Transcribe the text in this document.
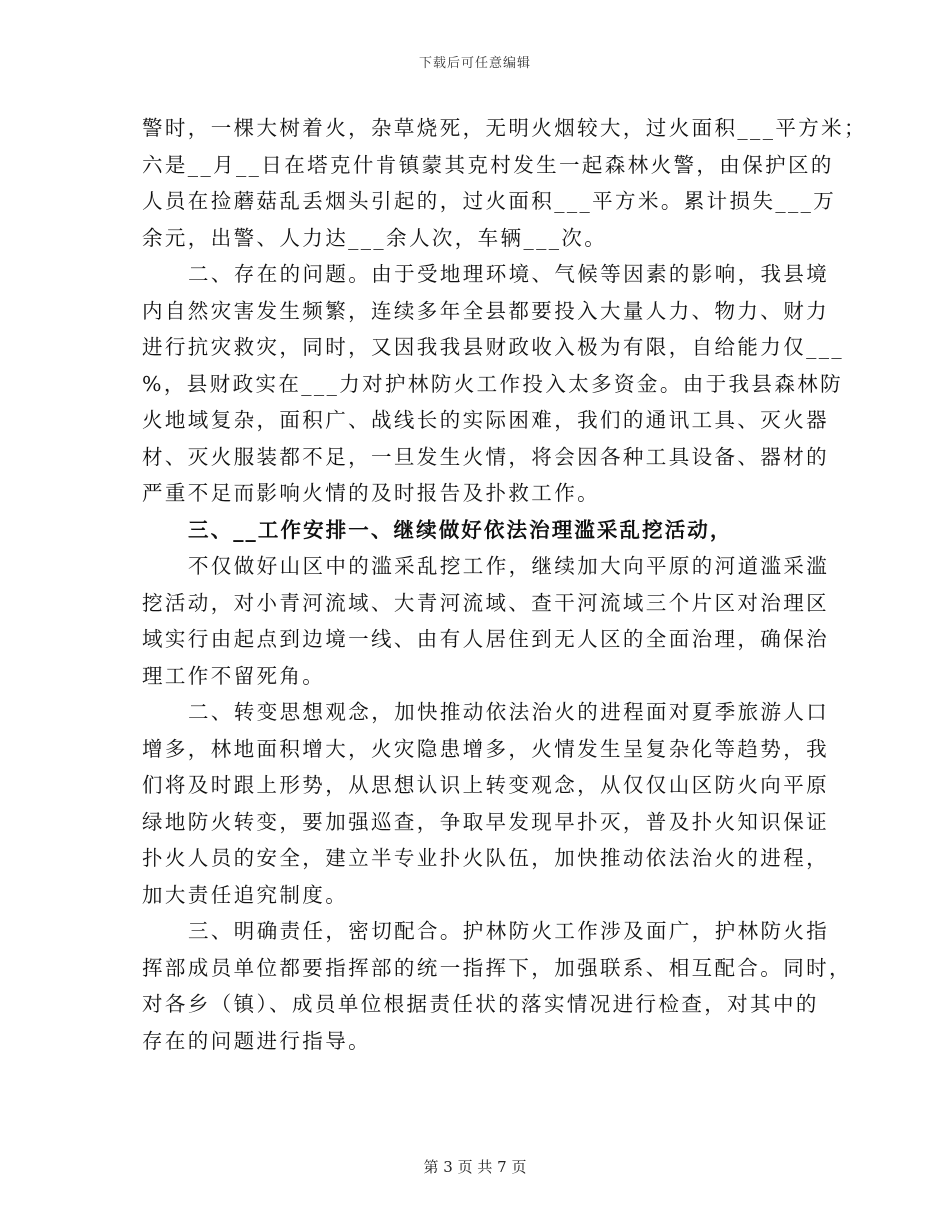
下载后可任意编辑
警时，一棵大树着火，杂草烧死，无明火烟较大，过火面积___平方米；
六是__月__日在塔克什肯镇蒙其克村发生一起森林火警，由保护区的
人员在捡蘑菇乱丢烟头引起的，过火面积___平方米。累计损失___万
余元，出警、人力达___余人次，车辆___次。
二、存在的问题。由于受地理环境、气候等因素的影响，我县境
内自然灾害发生频繁，连续多年全县都要投入大量人力、物力、财力
进行抗灾救灾，同时，又因我我县财政收入极为有限，自给能力仅___
%，县财政实在___力对护林防火工作投入太多资金。由于我县森林防
火地域复杂，面积广、战线长的实际困难，我们的通讯工具、灭火器
材、灭火服装都不足，一旦发生火情，将会因各种工具设备、器材的
严重不足而影响火情的及时报告及扑救工作。
三、__工作安排一、继续做好依法治理滥采乱挖活动，
不仅做好山区中的滥采乱挖工作，继续加大向平原的河道滥采滥
挖活动，对小青河流域、大青河流域、查干河流域三个片区对治理区
域实行由起点到边境一线、由有人居住到无人区的全面治理，确保治
理工作不留死角。
二、转变思想观念，加快推动依法治火的进程面对夏季旅游人口
增多，林地面积增大，火灾隐患增多，火情发生呈复杂化等趋势，我
们将及时跟上形势，从思想认识上转变观念，从仅仅山区防火向平原
绿地防火转变，要加强巡查，争取早发现早扑灭，普及扑火知识保证
扑火人员的安全，建立半专业扑火队伍，加快推动依法治火的进程，
加大责任追究制度。
三、明确责任，密切配合。护林防火工作涉及面广，护林防火指
挥部成员单位都要指挥部的统一指挥下，加强联系、相互配合。同时，
对各乡（镇）、成员单位根据责任状的落实情况进行检查，对其中的
存在的问题进行指导。
第 3 页 共 7 页
